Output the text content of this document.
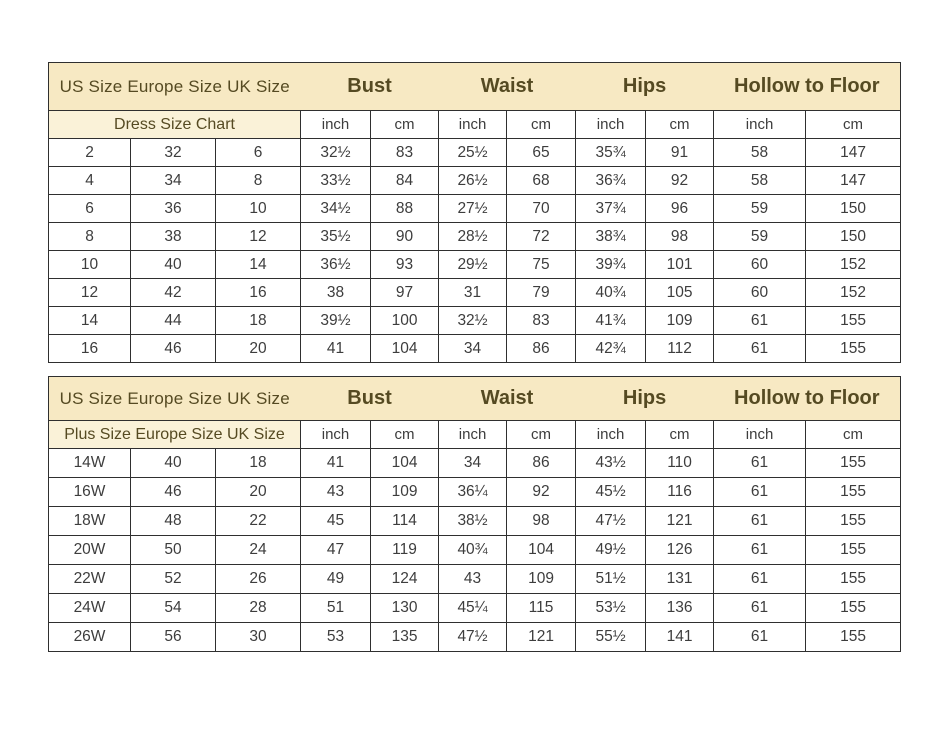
US Size Europe Size UK Size			Bust		Waist		Hips		Hollow to Floor	
Dress Size Chart			inch	cm	inch	cm	inch	cm	inch	cm
2	32	6	32½	83	25½	65	35¾	91	58	147
4	34	8	33½	84	26½	68	36¾	92	58	147
6	36	10	34½	88	27½	70	37¾	96	59	150
8	38	12	35½	90	28½	72	38¾	98	59	150
10	40	14	36½	93	29½	75	39¾	101	60	152
12	42	16	38	97	31	79	40¾	105	60	152
14	44	18	39½	100	32½	83	41¾	109	61	155
16	46	20	41	104	34	86	42¾	112	61	155
US Size Europe Size UK Size			Bust		Waist		Hips		Hollow to Floor	
Plus Size Europe Size UK Size			inch	cm	inch	cm	inch	cm	inch	cm
14W	40	18	41	104	34	86	43½	110	61	155
16W	46	20	43	109	36¼	92	45½	116	61	155
18W	48	22	45	114	38½	98	47½	121	61	155
20W	50	24	47	119	40¾	104	49½	126	61	155
22W	52	26	49	124	43	109	51½	131	61	155
24W	54	28	51	130	45¼	115	53½	136	61	155
26W	56	30	53	135	47½	121	55½	141	61	155
